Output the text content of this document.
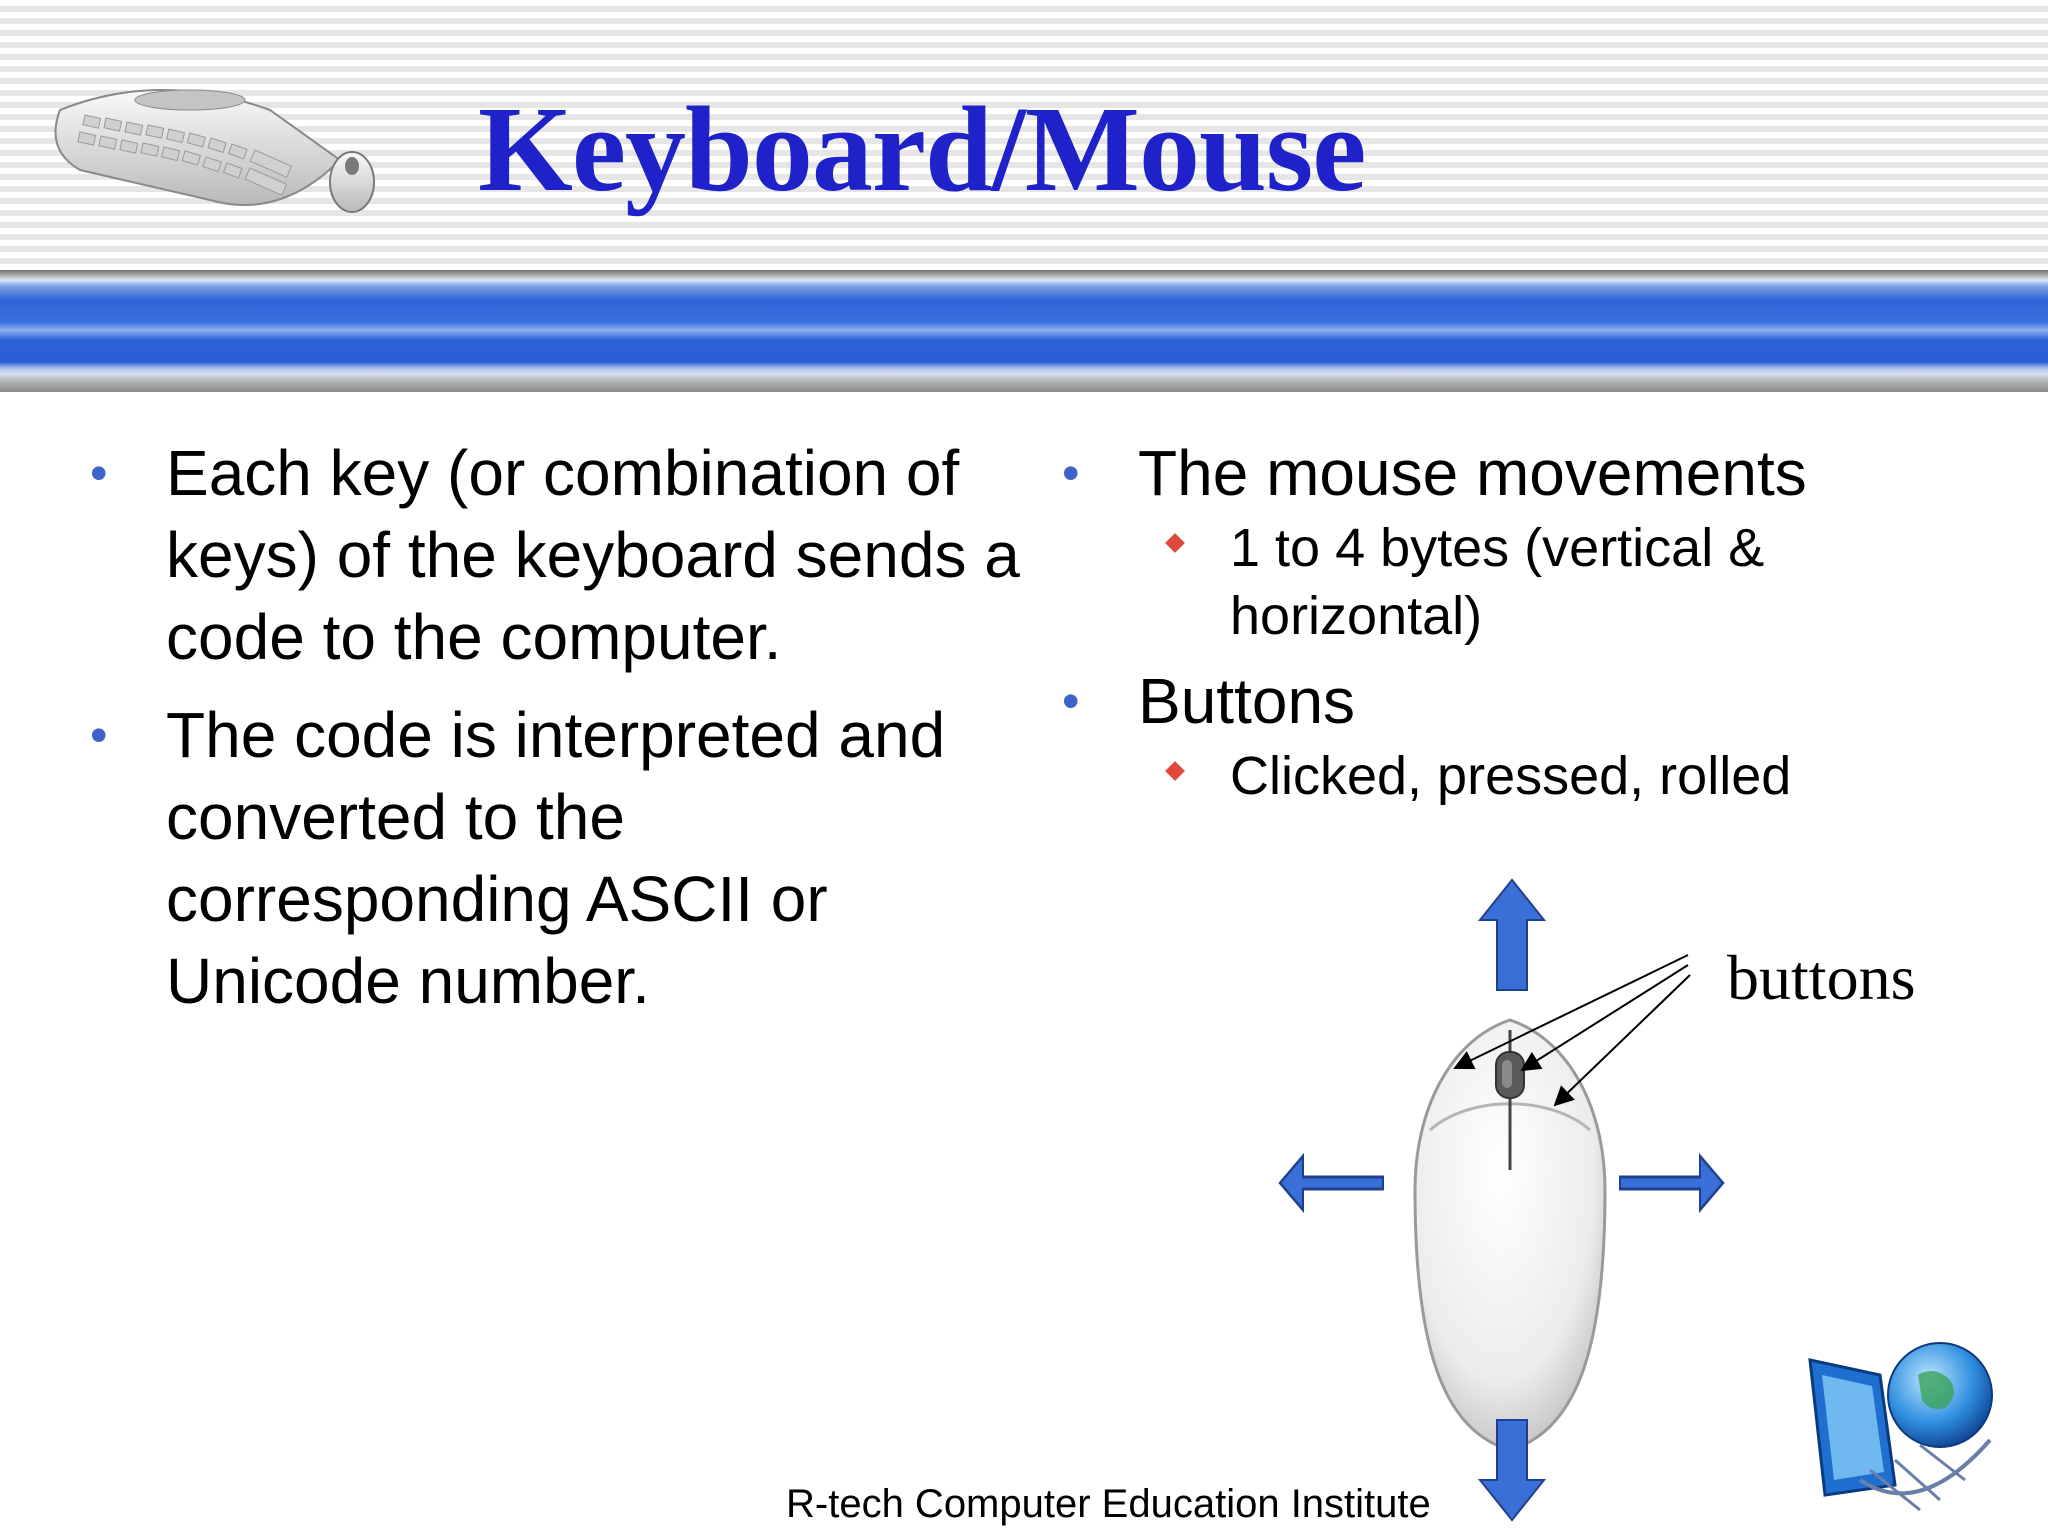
Keyboard/Mouse

• Each key (or combination of keys) of the keyboard sends a code to the computer.

• The code is interpreted and converted to the corresponding ASCII or Unicode number.

• The mouse movements

1 to 4 bytes (vertical & horizontal)

• Buttons

Clicked, pressed, rolled

buttons
R-tech Computer Education Institute
